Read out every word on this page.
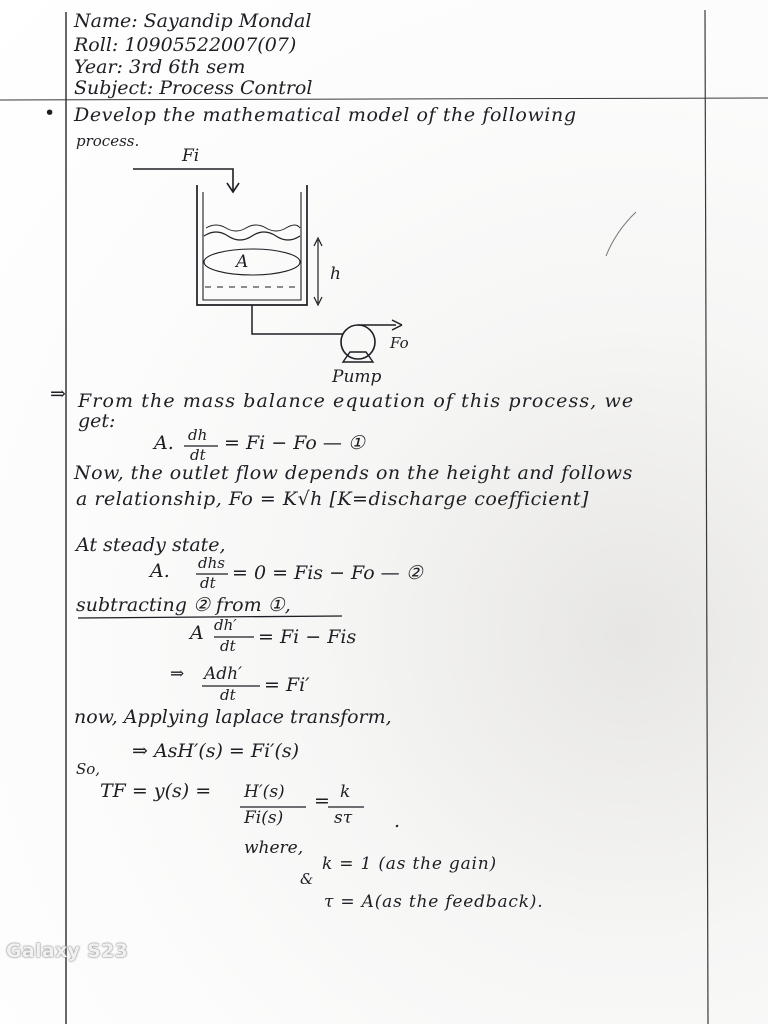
Name: Sayandip Mondal
Roll: 10905522007(07)
Year: 3rd 6th sem
Subject: Process Control
• Develop the mathematical model of the following
process.
Fi
A
h
Fo
Pump
⇒ From the mass balance equation of this process, we
get:
A. dh
dt
= Fi − Fo — ①
Now, the outlet flow depends on the height and follows
a relationship, Fo = K√h [K=discharge coefficient]
At steady state,
A. dhs
dt = 0 = Fis − Fo — ②
subtracting ② from ①,
A dh′
dt = Fi − Fis
⇒ Adh′
dt = Fi′
now, Applying laplace transform,
⇒ AsH′(s) = Fi′(s)
So,
TF = y(s) = H′(s)
Fi(s)
= k
sτ .
where,
&
k = 1 (as the gain)
τ = A(as the feedback).
Galaxy S23
